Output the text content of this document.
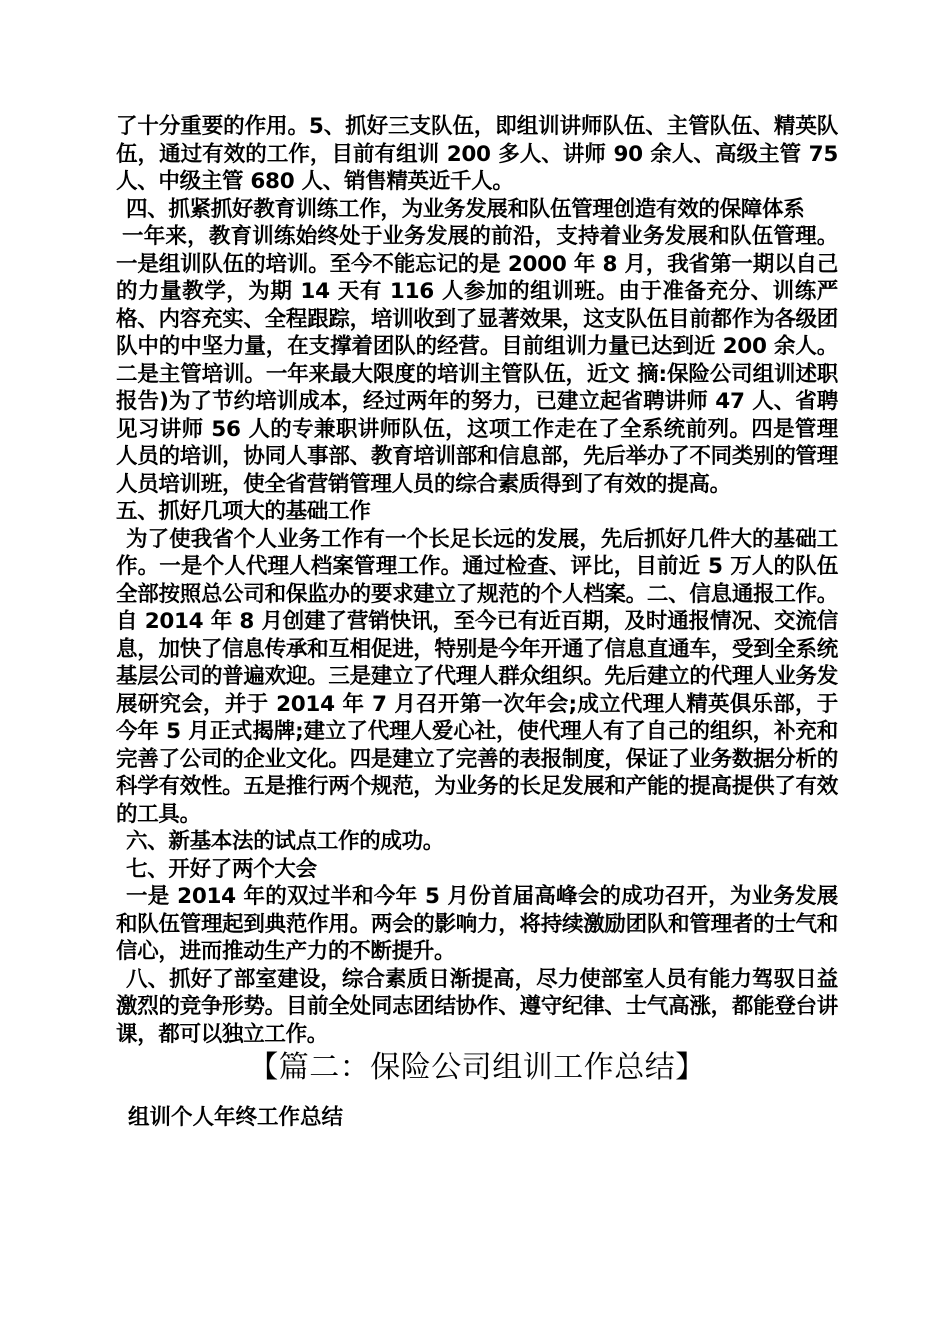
了十分重要的作用。5、抓好三支队伍，即组训讲师队伍、主管队伍、精英队伍，通过有效的工作，目前有组训 200 多人、讲师 90 余人、高级主管 75 人、中级主管 680 人、销售精英近千人。

四、抓紧抓好教育训练工作，为业务发展和队伍管理创造有效的保障体系

一年来，教育训练始终处于业务发展的前沿，支持着业务发展和队伍管理。一是组训队伍的培训。至今不能忘记的是 2000 年 8 月，我省第一期以自己的力量教学，为期 14 天有 116 人参加的组训班。由于准备充分、训练严格、内容充实、全程跟踪，培训收到了显著效果，这支队伍目前都作为各级团队中的中坚力量，在支撑着团队的经营。目前组训力量已达到近 200 余人。二是主管培训。一年来最大限度的培训主管队伍，近文 摘:保险公司组训述职报告)为了节约培训成本，经过两年的努力，已建立起省聘讲师 47 人、省聘见习讲师 56 人的专兼职讲师队伍，这项工作走在了全系统前列。四是管理人员的培训，协同人事部、教育培训部和信息部，先后举办了不同类别的管理人员培训班，使全省营销管理人员的综合素质得到了有效的提高。

五、抓好几项大的基础工作

为了使我省个人业务工作有一个长足长远的发展，先后抓好几件大的基础工作。一是个人代理人档案管理工作。通过检查、评比，目前近 5 万人的队伍全部按照总公司和保监办的要求建立了规范的个人档案。二、信息通报工作。自 2014 年 8 月创建了营销快讯，至今已有近百期，及时通报情况、交流信息，加快了信息传承和互相促进，特别是今年开通了信息直通车，受到全系统基层公司的普遍欢迎。三是建立了代理人群众组织。先后建立的代理人业务发展研究会，并于 2014 年 7 月召开第一次年会;成立代理人精英俱乐部，于今年 5 月正式揭牌;建立了代理人爱心社，使代理人有了自己的组织，补充和完善了公司的企业文化。四是建立了完善的表报制度，保证了业务数据分析的科学有效性。五是推行两个规范，为业务的长足发展和产能的提高提供了有效的工具。

六、新基本法的试点工作的成功。

七、开好了两个大会

一是 2014 年的双过半和今年 5 月份首届高峰会的成功召开，为业务发展和队伍管理起到典范作用。两会的影响力，将持续激励团队和管理者的士气和信心，进而推动生产力的不断提升。

八、抓好了部室建设，综合素质日渐提高，尽力使部室人员有能力驾驭日益激烈的竞争形势。目前全处同志团结协作、遵守纪律、士气高涨，都能登台讲课，都可以独立工作。

【篇二：保险公司组训工作总结】
组训个人年终工作总结
